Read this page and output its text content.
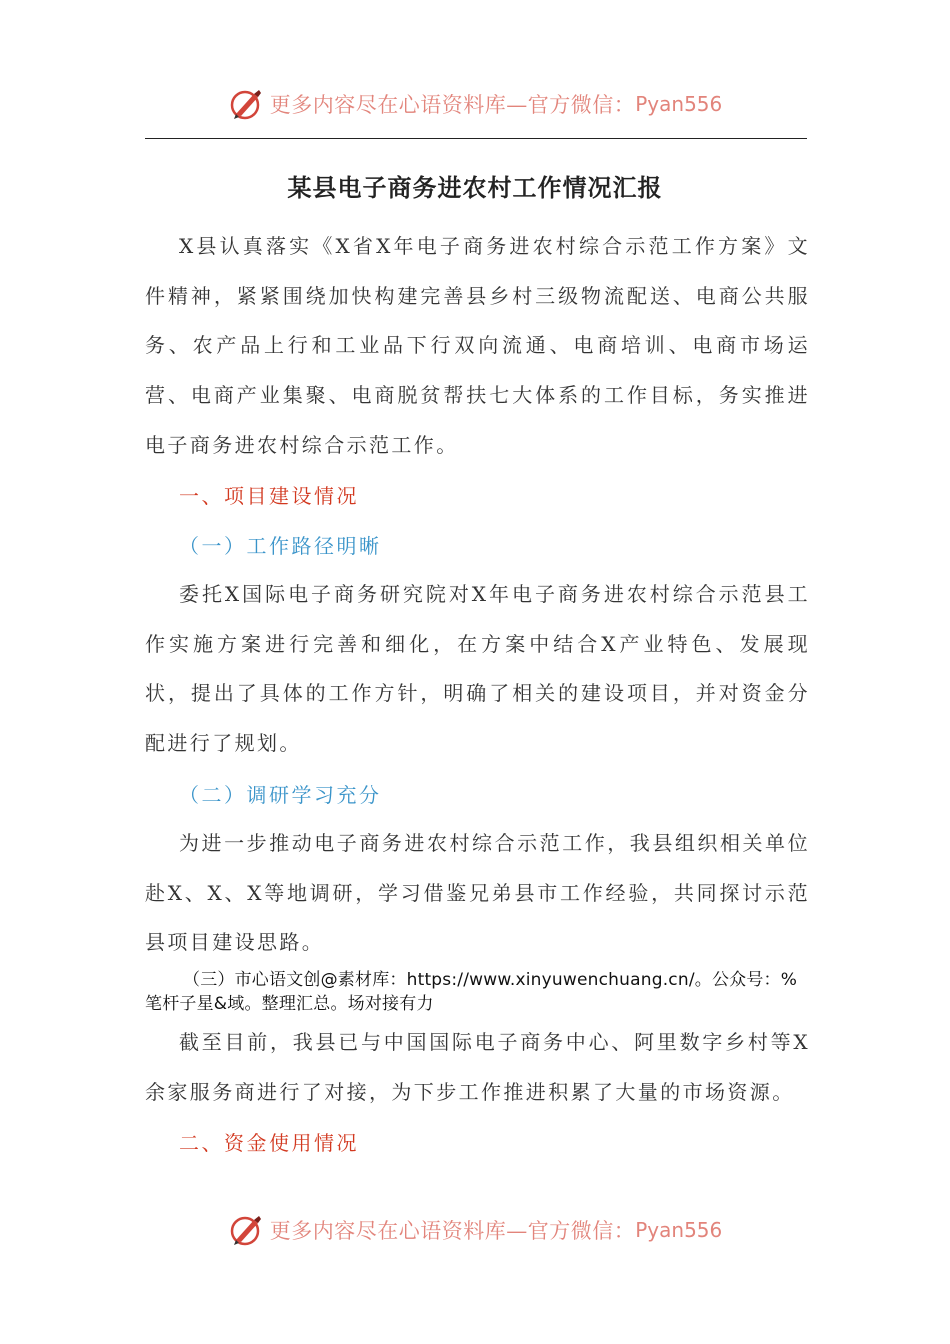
更多内容尽在心语资料库—官方微信： Pyan556
某县电子商务进农村工作情况汇报

X县认真落实《X省X年电子商务进农村综合示范工作方案》文件精神，紧紧围绕加快构建完善县乡村三级物流配送、电商公共服务、农产品上行和工业品下行双向流通、电商培训、电商市场运营、电商产业集聚、电商脱贫帮扶七大体系的工作目标，务实推进电子商务进农村综合示范工作。

一、项目建设情况
（一）工作路径明晰

委托X国际电子商务研究院对X年电子商务进农村综合示范县工作实施方案进行完善和细化，在方案中结合X产业特色、发展现状，提出了具体的工作方针，明确了相关的建设项目，并对资金分配进行了规划。

（二）调研学习充分

为进一步推动电子商务进农村综合示范工作，我县组织相关单位赴X、X、X等地调研，学习借鉴兄弟县市工作经验，共同探讨示范县项目建设思路。

（三）市心语文创@素材库：https://www.xinyuwenchuang.cn/。公众号：%笔杆子星&域。整理汇总。场对接有力

截至目前，我县已与中国国际电子商务中心、阿里数字乡村等X余家服务商进行了对接，为下步工作推进积累了大量的市场资源。

二、资金使用情况
更多内容尽在心语资料库—官方微信： Pyan556
